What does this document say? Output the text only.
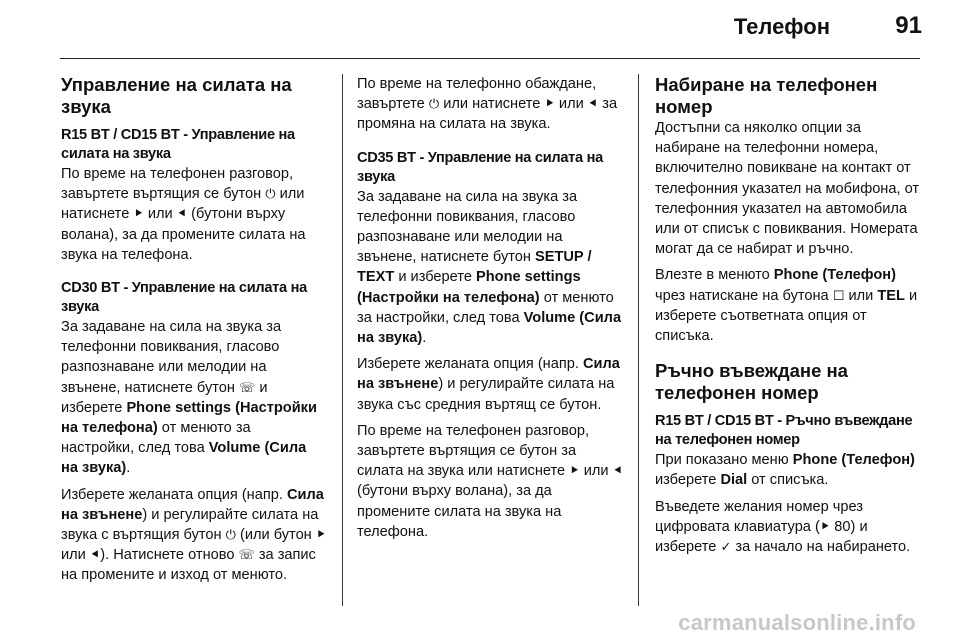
Телефон	91
Управление на силата на звука
R15 BT / CD15 BT - Управление на силата на звука

По време на телефонен разговор, завъртете въртящия се бутон ⏻ или натиснете ⯈ или ⯇ (бутони върху волана), за да промените силата на звука на телефона.

CD30 BT - Управление на силата на звука

За задаване на сила на звука за телефонни повиквания, гласово разпознаване или мелодии на звънене, натиснете бутон ☏ и изберете Phone settings (Настройки на телефона) от менюто за настройки, след това Volume (Сила на звука).

Изберете желаната опция (напр. Сила на звънене) и регулирайте силата на звука с въртящия бутон ⏻ (или бутон ⯈ или ⯇). Натиснете отново ☏ за запис на промените и изход от менюто.

По време на телефонно обаждане, завъртете ⏻ или натиснете ⯈ или ⯇ за промяна на силата на звука.

CD35 BT - Управление на силата на звука

За задаване на сила на звука за телефонни повиквания, гласово разпознаване или мелодии на звънене, натиснете бутон SETUP / TEXT и изберете Phone settings (Настройки на телефона) от менюто за настройки, след това Volume (Сила на звука).

Изберете желаната опция (напр. Сила на звънене) и регулирайте силата на звука със средния въртящ се бутон.

По време на телефонен разговор, завъртете въртящия се бутон за силата на звука или натиснете ⯈ или ⯇ (бутони върху волана), за да промените силата на звука на телефона.

Набиране на телефонен номер

Достъпни са няколко опции за набиране на телефонни номера, включително повикване на контакт от телефонния указател на мобифона, от телефонния указател на автомобила или от списък с повиквания. Номерата могат да се набират и ръчно.

Влезте в менюто Phone (Телефон) чрез натискане на бутона ☐ или TEL и изберете съответната опция от списъка.

Ръчно въвеждане на телефонен номер
R15 BT / CD15 BT - Ръчно въвеждане на телефонен номер

При показано меню Phone (Телефон) изберете Dial от списъка.

Въведете желания номер чрез цифровата клавиатура (⯈ 80) и изберете ✓ за начало на набирането.

carmanualsonline.info
